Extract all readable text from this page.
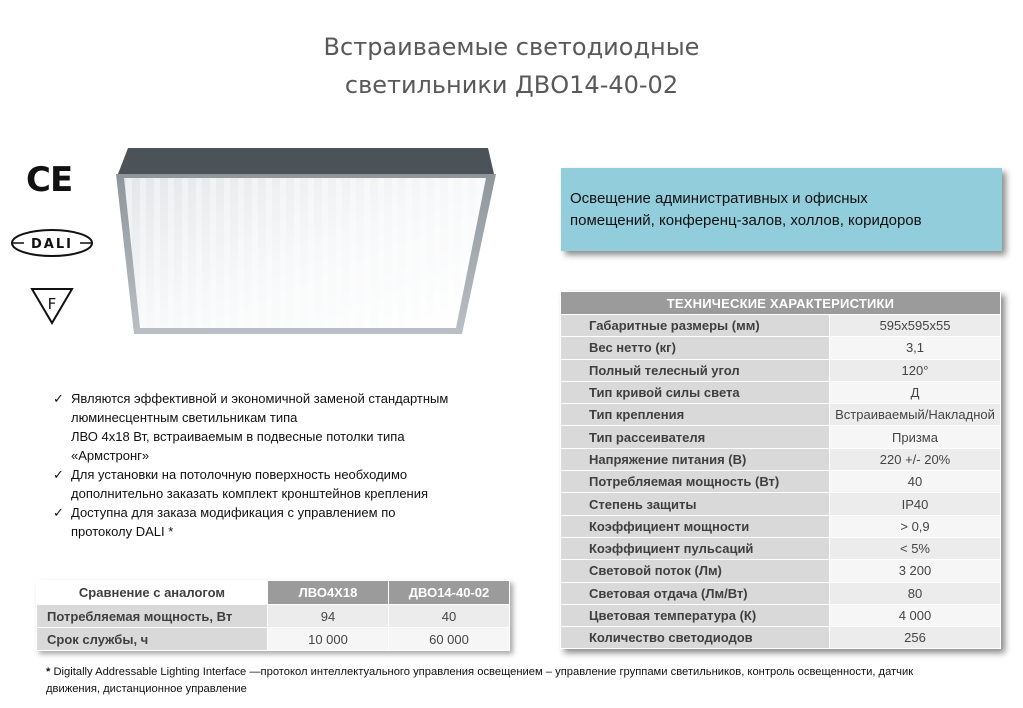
Встраиваемые светодиодные
светильники ДВО14-40-02
CE
DALI
F
Освещение административных и офисных
помещений, конференц-залов, холлов, коридоров
ТЕХНИЧЕСКИЕ ХАРАКТЕРИСТИКИ	
Габаритные размеры (мм)	595х595х55
Вес нетто (кг)	3,1
Полный телесный угол	120°
Тип кривой силы света	Д
Тип крепления	Встраиваемый/Накладной
Тип рассеивателя	Призма
Напряжение питания (В)	220 +/- 20%
Потребляемая мощность (Вт)	40
Степень защиты	IP40
Коэффициент мощности	> 0,9
Коэффициент пульсаций	< 5%
Световой поток (Лм)	3 200
Световая отдача (Лм/Вт)	80
Цветовая температура (К)	4 000
Количество светодиодов	256
✓ Являются эффективной и экономичной заменой стандартным
люминесцентным светильникам типа
ЛВО 4х18 Вт, встраиваемым в подвесные потолки типа
«Армстронг»
✓ Для установки на потолочную поверхность необходимо
дополнительно заказать комплект кронштейнов крепления
✓ Доступна для заказа модификация с управлением по
протоколу DALI *
Сравнение с аналогом	ЛВО4Х18	ДВО14-40-02
Потребляемая мощность, Вт	94	40
Срок службы, ч	10 000	60 000
* Digitally Addressable Lighting Interface —протокол интеллектуального управления освещением – управление группами светильников, контроль освещенности, датчик
движения, дистанционное управление
